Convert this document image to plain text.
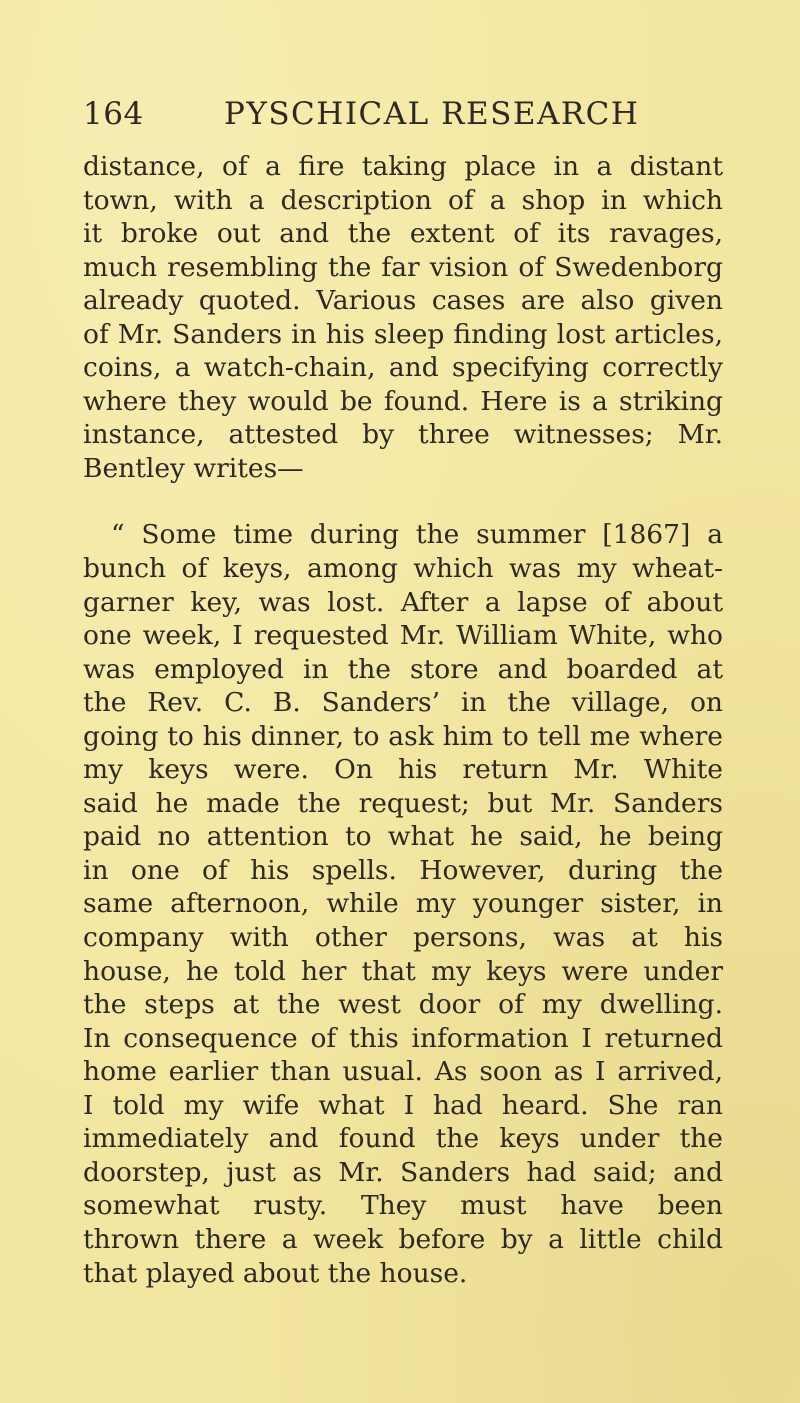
164	PYSCHICAL RESEARCH
distance, of a fire taking place in a distant
town, with a description of a shop in which
it broke out and the extent of its ravages,
much resembling the far vision of Swedenborg
already quoted. Various cases are also given
of Mr. Sanders in his sleep finding lost articles,
coins, a watch-chain, and specifying correctly
where they would be found. Here is a striking
instance, attested by three witnesses; Mr.
Bentley writes—
“ Some time during the summer [1867] a
bunch of keys, among which was my wheat-
garner key, was lost. After a lapse of about
one week, I requested Mr. William White, who
was employed in the store and boarded at
the Rev. C. B. Sanders’ in the village, on
going to his dinner, to ask him to tell me where
my keys were. On his return Mr. White
said he made the request; but Mr. Sanders
paid no attention to what he said, he being
in one of his spells. However, during the
same afternoon, while my younger sister, in
company with other persons, was at his
house, he told her that my keys were under
the steps at the west door of my dwelling.
In consequence of this information I returned
home earlier than usual. As soon as I arrived,
I told my wife what I had heard. She ran
immediately and found the keys under the
doorstep, just as Mr. Sanders had said; and
somewhat rusty. They must have been
thrown there a week before by a little child
that played about the house.
